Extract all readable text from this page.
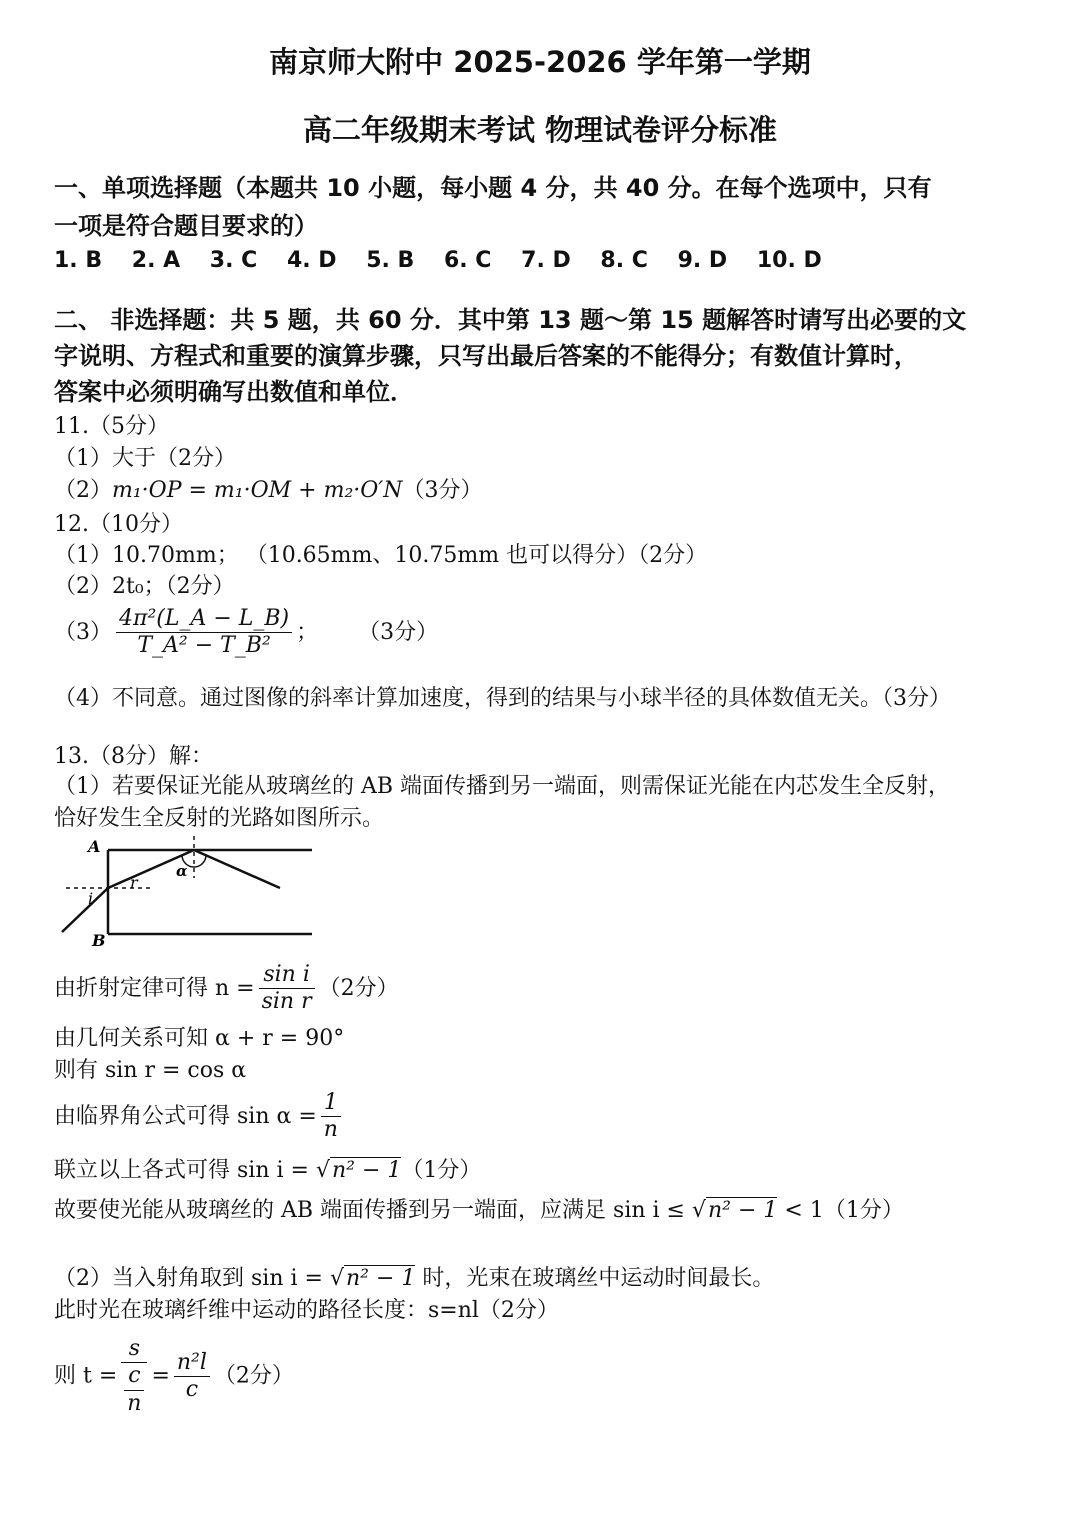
南京师大附中 2025-2026 学年第一学期
高二年级期末考试 物理试卷评分标准
一、单项选择题（本题共 10 小题，每小题 4 分，共 40 分。在每个选项中，只有
一项是符合题目要求的）
1. B 2. A 3. C 4. D 5. B 6. C 7. D 8. C 9. D 10. D
二、 非选择题：共 5 题，共 60 分．其中第 13 题～第 15 题解答时请写出必要的文
字说明、方程式和重要的演算步骤，只写出最后答案的不能得分；有数值计算时，
答案中必须明确写出数值和单位．
11.（5分）
（1）大于（2分）
（2）m₁·OP = m₁·OM + m₂·O′N（3分）
12.（10分）
（1）10.70mm； （10.65mm、10.75mm 也可以得分）（2分）
（2）2t₀；（2分）
$(3) \frac{\text{4π²(L\_A − L\_B)}}{\text{T\_A² − T\_B²}}$ ； （3分）
（4）不同意。通过图像的斜率计算加速度，得到的结果与小球半径的具体数值无关。（3分）
13.（8分）解：
（1）若要保证光能从玻璃丝的 AB 端面传播到另一端面，则需保证光能在内芯发生全反射，
恰好发生全反射的光路如图所示。
A
B
i
r
α
由折射定律可得 $n = \frac{\text{sin i}}{\text{sin r}} (2$分）
由几何关系可知 α + r = 90°
则有 sin r = cos α
由临界角公式可得 $\sin \alpha = \frac{1}{n}$
联立以上各式可得 sin i = √n² − 1（1分）
故要使光能从玻璃丝的 AB 端面传播到另一端面，应满足 sin i ≤ √n² − 1 < 1（1分）
（2）当入射角取到 sin i = √n² − 1 时，光束在玻璃丝中运动时间最长。
此时光在玻璃纤维中运动的路径长度：s=nl（2分）
则 $t = \frac{s}{\frac{c}{n}} = \frac{\text{n²l}}{c} (2$分）
